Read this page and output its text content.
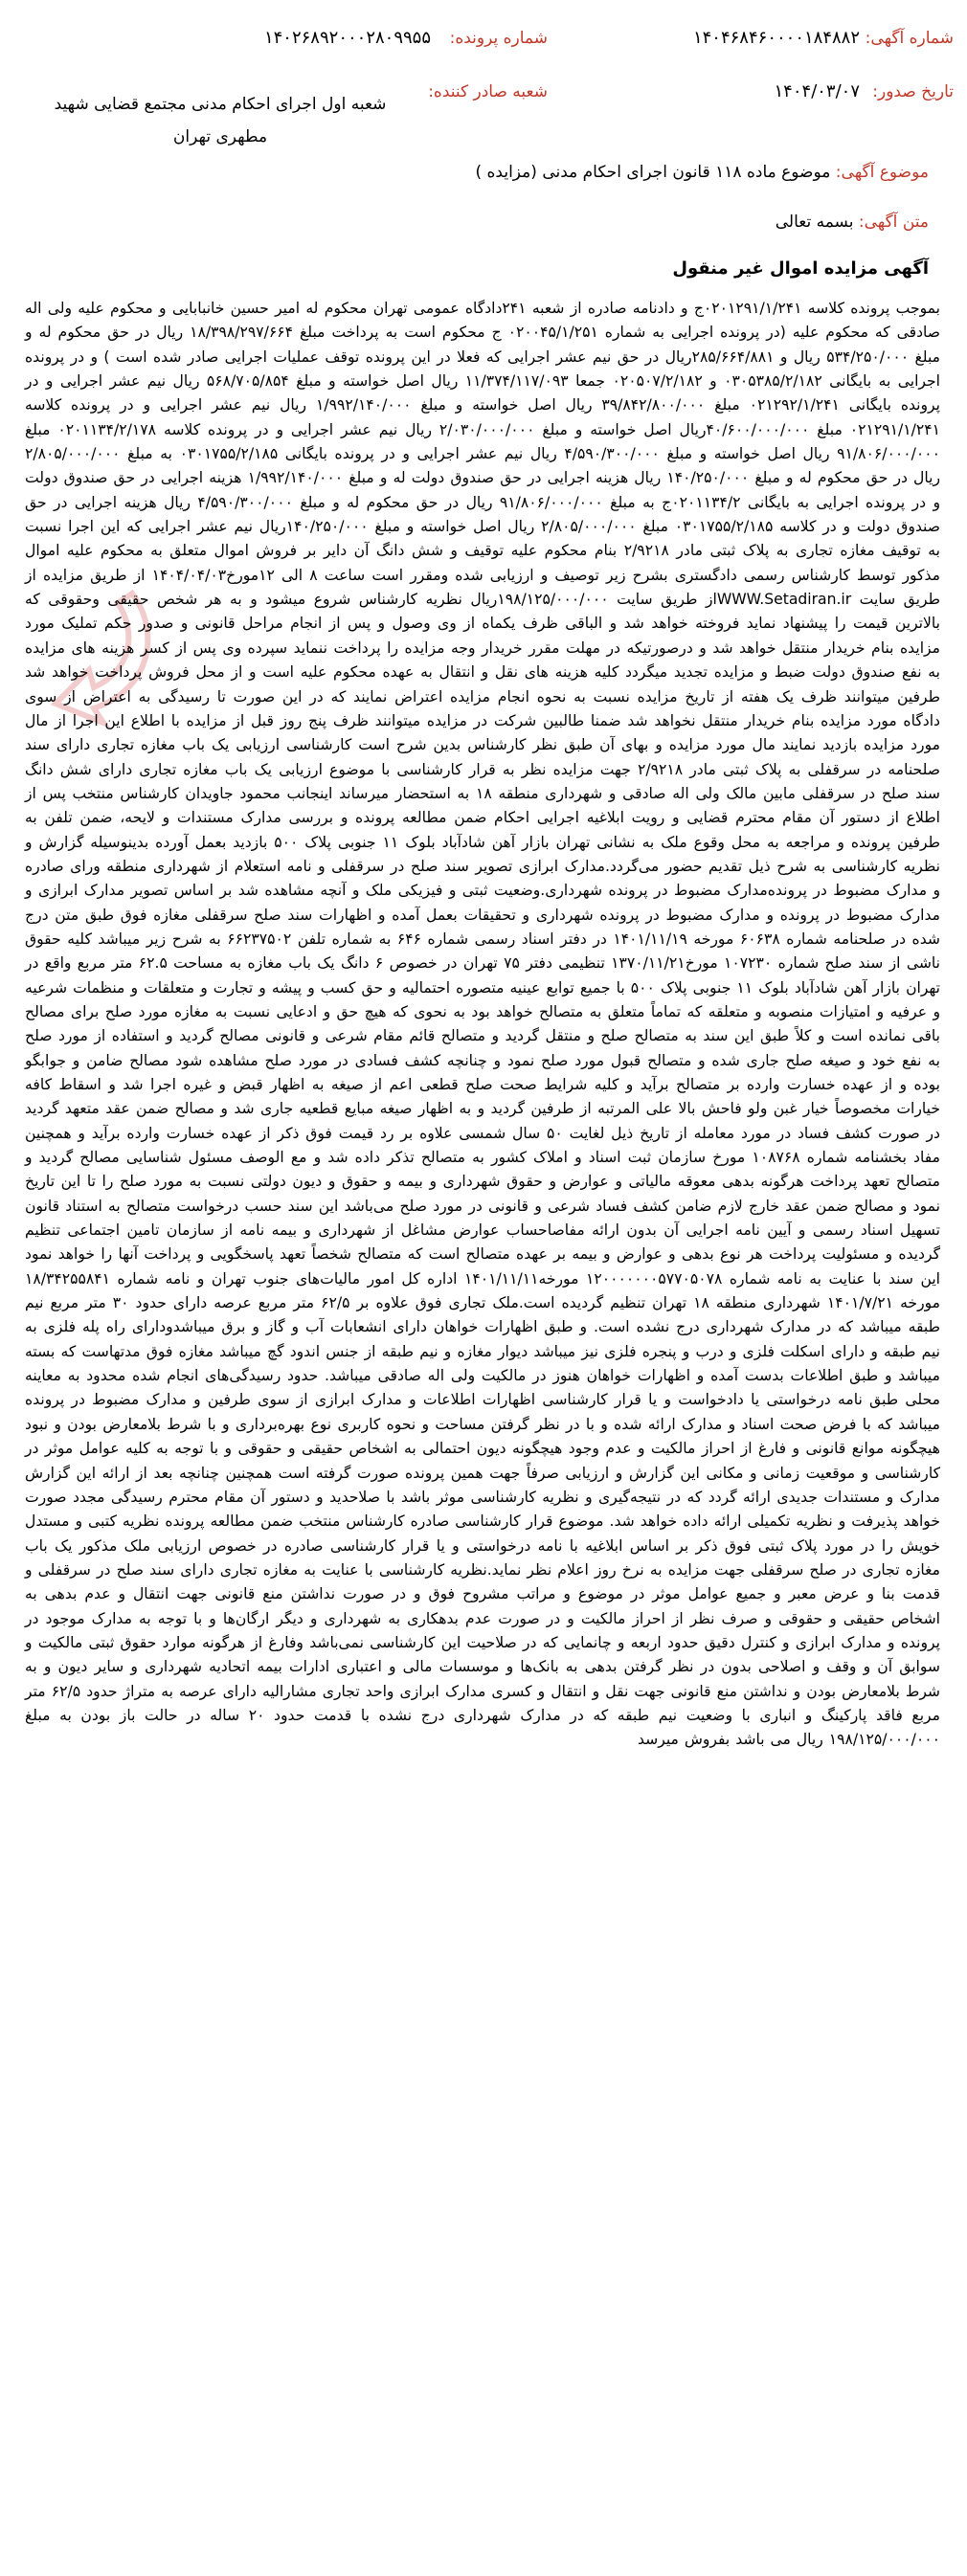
شماره آگهی:
۱۴۰۴۶۸۴۶۰۰۰۰۱۸۴۸۸۲
شماره پرونده:
۱۴۰۲۶۸۹۲۰۰۰۲۸۰۹۹۵۵
تاریخ صدور:
۱۴۰۴/۰۳/۰۷
شعبه صادر کننده:
شعبه اول اجرای احکام مدنی مجتمع قضایی شهید مطهری تهران
موضوع آگهی: موضوع ماده ۱۱۸ قانون اجرای احکام مدنی (مزایده )
متن آگهی: بسمه تعالی
آگهی مزایده اموال غیر منقول
بموجب پرونده کلاسه ۰۲۰۱۲۹۱/۱/۲۴۱ج و دادنامه صادره از شعبه ۲۴۱دادگاه عمومی تهران محکوم له امیر حسین خانبابایی و محکوم علیه ولی اله صادقی که محکوم علیه (در پرونده اجرایی به شماره ۰۲۰۰۴۵/۱/۲۵۱ ج محکوم است به پرداخت مبلغ ۱۸/۳۹۸/۲۹۷/۶۶۴ ریال در حق محکوم له و مبلغ ۵۳۴/۲۵۰/۰۰۰ ریال و ۲۸۵/۶۶۴/۸۸۱ریال در حق نیم عشر اجرایی که فعلا در این پرونده توقف عملیات اجرایی صادر شده است ) و در پرونده اجرایی به بایگانی ۰۳۰۵۳۸۵/۲/۱۸۲ و ۰۲۰۵۰۷/۲/۱۸۲ جمعا ۱۱/۳۷۴/۱۱۷/۰۹۳ ریال اصل خواسته و مبلغ ۵۶۸/۷۰۵/۸۵۴ ریال نیم عشر اجرایی و در پرونده بایگانی ۰۲۱۲۹۲/۱/۲۴۱ مبلغ ۳۹/۸۴۲/۸۰۰/۰۰۰ ریال اصل خواسته و مبلغ ۱/۹۹۲/۱۴۰/۰۰۰ ریال نیم عشر اجرایی و در پرونده کلاسه ۰۲۱۲۹۱/۱/۲۴۱ مبلغ ۴۰/۶۰۰/۰۰۰/۰۰۰ریال اصل خواسته و مبلغ ۲/۰۳۰/۰۰۰/۰۰۰ ریال نیم عشر اجرایی و در پرونده کلاسه ۰۲۰۱۱۳۴/۲/۱۷۸ مبلغ ۹۱/۸۰۶/۰۰۰/۰۰۰ ریال اصل خواسته و مبلغ ۴/۵۹۰/۳۰۰/۰۰۰ ریال نیم عشر اجرایی و در پرونده بایگانی ۰۳۰۱۷۵۵/۲/۱۸۵ به مبلغ ۲/۸۰۵/۰۰۰/۰۰۰ ریال در حق محکوم له و مبلغ ۱۴۰/۲۵۰/۰۰۰ ریال هزینه اجرایی در حق صندوق دولت له و مبلغ ۱/۹۹۲/۱۴۰/۰۰۰ هزینه اجرایی در حق صندوق دولت و در پرونده اجرایی به بایگانی ۰۲۰۱۱۳۴/۲ج به مبلغ ۹۱/۸۰۶/۰۰۰/۰۰۰ ریال در حق محکوم له و مبلغ ۴/۵۹۰/۳۰۰/۰۰۰ ریال هزینه اجرایی در حق صندوق دولت و در کلاسه ۰۳۰۱۷۵۵/۲/۱۸۵ مبلغ ۲/۸۰۵/۰۰۰/۰۰۰ ریال اصل خواسته و مبلغ ۱۴۰/۲۵۰/۰۰۰ریال نیم عشر اجرایی که این اجرا نسبت به توقیف مغازه تجاری به پلاک ثبتی مادر ۲/۹۲۱۸ بنام محکوم علیه توقیف و شش دانگ آن دایر بر فروش اموال متعلق به محکوم علیه اموال مذکور توسط کارشناس رسمی دادگستری بشرح زیر توصیف و ارزیابی شده ومقرر است ساعت ۸ الی ۱۲مورخ۱۴۰۴/۰۴/۰۳ از طریق مزایده از طریق سایت WWW.Setadiran.irاز طریق سایت ۱۹۸/۱۲۵/۰۰۰/۰۰۰ریال نظریه کارشناس شروع میشود و به هر شخص حقیقی وحقوقی که بالاترین قیمت را پیشنهاد نماید فروخته خواهد شد و الباقی ظرف یکماه از وی وصول و پس از انجام مراحل قانونی و صدور حکم تملیک مورد مزایده بنام خریدار منتقل خواهد شد و درصورتیکه در مهلت مقرر خریدار وجه مزایده را پرداخت ننماید سپرده وی پس از کسر هزینه های مزایده به نفع صندوق دولت ضبط و مزایده تجدید میگردد کلیه هزینه های نقل و انتقال به عهده محکوم علیه است و از محل فروش پرداخت خواهد شد طرفین میتوانند ظرف یک هفته از تاریخ مزایده نسبت به نحوه انجام مزایده اعتراض نمایند که در این صورت تا رسیدگی به اعتراض از سوی دادگاه مورد مزایده بنام خریدار منتقل نخواهد شد ضمنا طالبین شرکت در مزایده میتوانند ظرف پنج روز قبل از مزایده با اطلاع این اجرا از مال مورد مزایده بازدید نمایند مال مورد مزایده و بهای آن طبق نظر کارشناس بدین شرح است کارشناسی ارزیابی یک باب مغازه تجاری دارای سند صلحنامه در سرقفلی به پلاک ثبتی مادر ۲/۹۲۱۸ جهت مزایده نظر به قرار کارشناسی با موضوع ارزیابی یک باب مغازه تجاری دارای شش دانگ سند صلح در سرقفلی مابین مالک ولی اله صادقی و شهرداری منطقه ۱۸ به استحضار میرساند اینجانب محمود جاویدان کارشناس منتخب پس از اطلاع از دستور آن مقام محترم قضایی و رویت ابلاغیه اجرایی احکام ضمن مطالعه پرونده و بررسی مدارک مستندات و لایحه، ضمن تلفن به طرفین پرونده و مراجعه به محل وقوع ملک به نشانی تهران بازار آهن شادآباد بلوک ۱۱ جنوبی پلاک ۵۰۰ بازدید بعمل آورده بدینوسیله گزارش و نظریه کارشناسی به شرح ذیل تقدیم حضور می‌گردد.مدارک ابرازی تصویر سند صلح در سرقفلی و نامه استعلام از شهرداری منطقه ورای صادره و مدارک مضبوط در پرونده‌مدارک مضبوط در پرونده شهرداری.وضعیت ثبتی و فیزیکی ملک و آنچه مشاهده شد بر اساس تصویر مدارک ابرازی و مدارک مضبوط در پرونده و مدارک مضبوط در پرونده شهرداری و تحقیقات بعمل آمده و اظهارات سند صلح سرقفلی مغازه فوق طبق متن درج شده در صلحنامه شماره ۶۰۶۳۸ مورخه ۱۴۰۱/۱۱/۱۹ در دفتر اسناد رسمی شماره ۶۴۶ به شماره تلفن ۶۶۲۳۷۵۰۲ به شرح زیر میباشد کلیه حقوق ناشی از سند صلح شماره ۱۰۷۲۳۰ مورخ۱۳۷۰/۱۱/۲۱ تنظیمی دفتر ۷۵ تهران در خصوص ۶ دانگ یک باب مغازه به مساحت ۶۲.۵ متر مربع واقع در تهران بازار آهن شادآباد بلوک ۱۱ جنوبی پلاک ۵۰۰ با جمیع توابع عینیه متصوره احتمالیه و حق کسب و پیشه و تجارت و متعلقات و منظمات شرعیه و عرفیه و امتیازات منصوبه و متعلقه که تماماً متعلق به متصالح خواهد بود به نحوی که هیچ حق و ادعایی نسبت به مغازه مورد صلح برای مصالح باقی نمانده است و کلاً طبق این سند به متصالح صلح و منتقل گردید و متصالح قائم مقام شرعی و قانونی مصالح گردید و استفاده از مورد صلح به نفع خود و صیغه صلح جاری شده و متصالح قبول مورد صلح نمود و چنانچه کشف فسادی در مورد صلح مشاهده شود مصالح ضامن و جوابگو بوده و از عهده خسارت وارده بر متصالح برآید و کلیه شرایط صحت صلح قطعی اعم از صیغه به اظهار قبض و غیره اجرا شد و اسقاط کافه خیارات مخصوصاً خیار غبن ولو فاحش بالا علی المرتبه از طرفین گردید و به اظهار صیغه مبایع قطعیه جاری شد و مصالح ضمن عقد متعهد گردید در صورت کشف فساد در مورد معامله از تاریخ ذیل لغایت ۵۰ سال شمسی علاوه بر رد قیمت فوق ذکر از عهده خسارت وارده برآید و همچنین مفاد بخشنامه شماره ۱۰۸۷۶۸ مورخ سازمان ثبت اسناد و املاک کشور به متصالح تذکر داده شد و مع الوصف مسئول شناسایی مصالح گردید و متصالح تعهد پرداخت هرگونه بدهی معوقه مالیاتی و عوارض و حقوق شهرداری و بیمه و حقوق و دیون دولتی نسبت به مورد صلح را تا این تاریخ نمود و مصالح ضمن عقد خارج لازم ضامن کشف فساد شرعی و قانونی در مورد صلح می‌باشد این سند حسب درخواست متصالح به استناد قانون تسهیل اسناد رسمی و آیین نامه اجرایی آن بدون ارائه مفاصاحساب عوارض مشاغل از شهرداری و بیمه نامه از سازمان تامین اجتماعی تنظیم گردیده و مسئولیت پرداخت هر نوع بدهی و عوارض و بیمه بر عهده متصالح است که متصالح شخصاً تعهد پاسخگویی و پرداخت آنها را خواهد نمود این سند با عنایت به نامه شماره ۱۲۰۰۰۰۰۰۰۵۷۷۰۵۰۷۸ مورخه۱۴۰۱/۱۱/۱۱ اداره کل امور مالیات‌های جنوب تهران و نامه شماره ۱۸/۳۴۲۵۵۸۴۱ مورخه ۱۴۰۱/۷/۲۱ شهرداری منطقه ۱۸ تهران تنظیم گردیده است.ملک تجاری فوق علاوه بر ۶۲/۵ متر مربع عرصه دارای حدود ۳۰ متر مربع نیم طبقه میباشد که در مدارک شهرداری درج نشده است. و طبق اظهارات خواهان دارای انشعابات آب و گاز و برق میباشدودارای راه پله فلزی به نیم طبقه و دارای اسکلت فلزی و درب و پنجره فلزی نیز میباشد دیوار مغازه و نیم طبقه از جنس اندود گچ میباشد مغازه فوق مدتهاست که بسته میباشد و طبق اطلاعات بدست آمده و اظهارات خواهان هنوز در مالکیت ولی اله صادقی میباشد. حدود رسیدگی‌های انجام شده محدود به معاینه محلی طبق نامه درخواستی یا دادخواست و یا قرار کارشناسی اظهارات اطلاعات و مدارک ابرازی از سوی طرفین و مدارک مضبوط در پرونده میباشد که با فرض صحت اسناد و مدارک ارائه شده و با در نظر گرفتن مساحت و نحوه کاربری نوع بهره‌برداری و با شرط بلامعارض بودن و نبود هیچگونه موانع قانونی و فارغ از احراز مالکیت و عدم وجود هیچگونه دیون احتمالی به اشخاص حقیقی و حقوقی و با توجه به کلیه عوامل موثر در کارشناسی و موقعیت زمانی و مکانی این گزارش و ارزیابی صرفاً جهت همین پرونده صورت گرفته است همچنین چنانچه بعد از ارائه این گزارش مدارک و مستندات جدیدی ارائه گردد که در نتیجه‌گیری و نظریه کارشناسی موثر باشد با صلاحدید و دستور آن مقام محترم رسیدگی مجدد صورت خواهد پذیرفت و نظریه تکمیلی ارائه داده خواهد شد. موضوع قرار کارشناسی صادره کارشناس منتخب ضمن مطالعه پرونده نظریه کتبی و مستدل خویش را در مورد پلاک ثبتی فوق ذکر بر اساس ابلاغیه با نامه درخواستی و یا قرار کارشناسی صادره در خصوص ارزیابی ملک مذکور یک باب مغازه تجاری در صلح سرقفلی جهت مزایده به نرخ روز اعلام نظر نماید.نظریه کارشناسی با عنایت به مغازه تجاری دارای سند صلح در سرقفلی و قدمت بنا و عرض معبر و جمیع عوامل موثر در موضوع و مراتب مشروح فوق و در صورت نداشتن منع قانونی جهت انتقال و عدم بدهی به اشخاص حقیقی و حقوقی و صرف نظر از احراز مالکیت و در صورت عدم بدهکاری به شهرداری و دیگر ارگان‌ها و با توجه به مدارک موجود در پرونده و مدارک ابرازی و کنترل دقیق حدود اربعه و چانمایی که در صلاحیت این کارشناسی نمی‌باشد وفارغ از هرگونه موارد حقوق ثبتی مالکیت و سوابق آن و وقف و اصلاحی بدون در نظر گرفتن بدهی به بانک‌ها و موسسات مالی و اعتباری ادارات بیمه اتحادیه شهرداری و سایر دیون و به شرط بلامعارض بودن و نداشتن منع قانونی جهت نقل و انتقال و کسری مدارک ابرازی واحد تجاری مشارالیه دارای عرصه به متراژ حدود ۶۲/۵ متر مربع فاقد پارکینگ و انباری با وضعیت نیم طبقه که در مدارک شهرداری درج نشده با قدمت حدود ۲۰ ساله در حالت باز بودن به مبلغ ۱۹۸/۱۲۵/۰۰۰/۰۰۰ ریال می باشد بفروش میرسد
